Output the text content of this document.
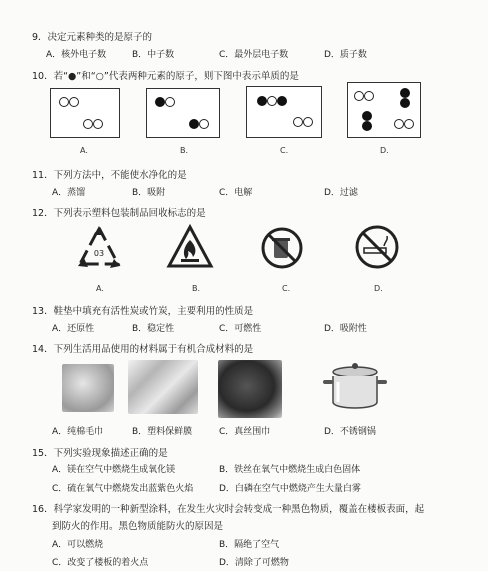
9．决定元素种类的是原子的
A．核外电子数	B．中子数	C．最外层电子数	D．质子数
10．若“●”和“○”代表两种元素的原子，则下图中表示单质的是
A.	B.	C.	D.
11．下列方法中，不能使水净化的是
A．蒸馏	B．吸附	C．电解	D．过滤
12．下列表示塑料包装制品回收标志的是
03
A.	B.	C.	D.
13．鞋垫中填充有活性炭或竹炭，主要利用的性质是
A．还原性	B．稳定性	C．可燃性	D．吸附性
14．下列生活用品使用的材料属于有机合成材料的是
A．纯棉毛巾	B．塑料保鲜膜	C．真丝围巾	D．不锈钢锅
15．下列实验现象描述正确的是
A．镁在空气中燃烧生成氧化镁	B．铁丝在氧气中燃烧生成白色固体
C．硫在氧气中燃烧发出蓝紫色火焰	D．白磷在空气中燃烧产生大量白雾
16．科学家发明的一种新型涂料，在发生火灾时会转变成一种黑色物质，覆盖在楼板表面，起
到防火的作用。黑色物质能防火的原因是
A．可以燃烧	B．隔绝了空气
C．改变了楼板的着火点	D．清除了可燃物
